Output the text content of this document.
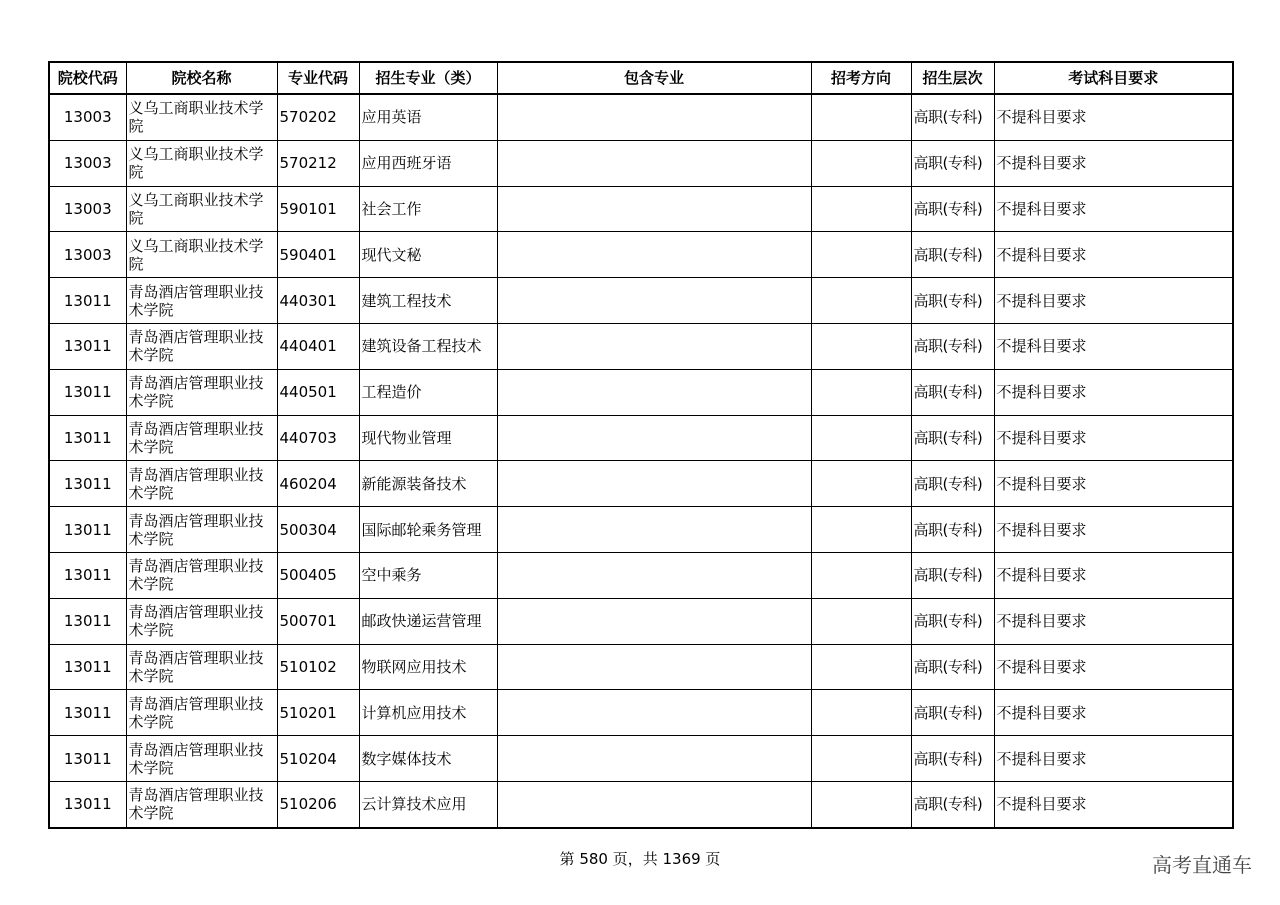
院校代码	院校名称	专业代码	招生专业（类）	包含专业	招考方向	招生层次	考试科目要求
13003	义乌工商职业技术学院	570202	应用英语			高职(专科)	不提科目要求
13003	义乌工商职业技术学院	570212	应用西班牙语			高职(专科)	不提科目要求
13003	义乌工商职业技术学院	590101	社会工作			高职(专科)	不提科目要求
13003	义乌工商职业技术学院	590401	现代文秘			高职(专科)	不提科目要求
13011	青岛酒店管理职业技术学院	440301	建筑工程技术			高职(专科)	不提科目要求
13011	青岛酒店管理职业技术学院	440401	建筑设备工程技术			高职(专科)	不提科目要求
13011	青岛酒店管理职业技术学院	440501	工程造价			高职(专科)	不提科目要求
13011	青岛酒店管理职业技术学院	440703	现代物业管理			高职(专科)	不提科目要求
13011	青岛酒店管理职业技术学院	460204	新能源装备技术			高职(专科)	不提科目要求
13011	青岛酒店管理职业技术学院	500304	国际邮轮乘务管理			高职(专科)	不提科目要求
13011	青岛酒店管理职业技术学院	500405	空中乘务			高职(专科)	不提科目要求
13011	青岛酒店管理职业技术学院	500701	邮政快递运营管理			高职(专科)	不提科目要求
13011	青岛酒店管理职业技术学院	510102	物联网应用技术			高职(专科)	不提科目要求
13011	青岛酒店管理职业技术学院	510201	计算机应用技术			高职(专科)	不提科目要求
13011	青岛酒店管理职业技术学院	510204	数字媒体技术			高职(专科)	不提科目要求
13011	青岛酒店管理职业技术学院	510206	云计算技术应用			高职(专科)	不提科目要求
第 580 页，共 1369 页	高考直通车
